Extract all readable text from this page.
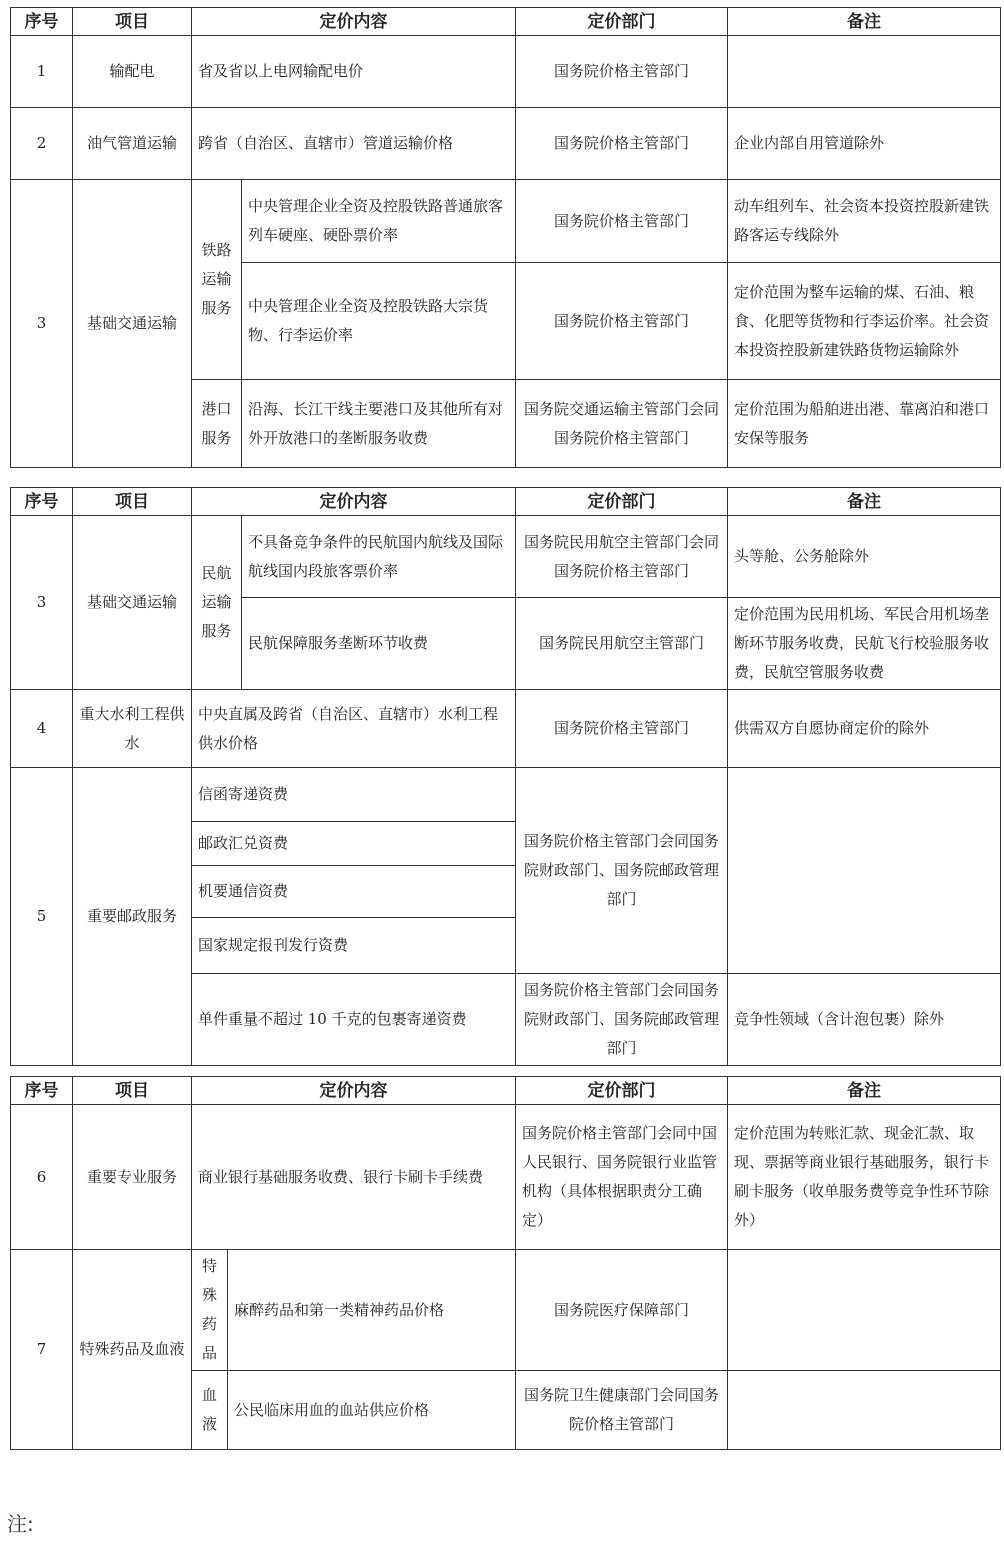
序号	项目	定价内容		定价部门	备注
1	输配电	省及省以上电网输配电价		国务院价格主管部门	
2	油气管道运输	跨省（自治区、直辖市）管道运输价格		国务院价格主管部门	企业内部自用管道除外
3	基础交通运输	铁路运输服务	中央管理企业全资及控股铁路普通旅客列车硬座、硬卧票价率	国务院价格主管部门	动车组列车、社会资本投资控股新建铁路客运专线除外
			中央管理企业全资及控股铁路大宗货物、行李运价率	国务院价格主管部门	定价范围为整车运输的煤、石油、粮食、化肥等货物和行李运价率。社会资本投资控股新建铁路货物运输除外
		港口服务	沿海、长江干线主要港口及其他所有对外开放港口的垄断服务收费	国务院交通运输主管部门会同国务院价格主管部门	定价范围为船舶进出港、靠离泊和港口安保等服务
序号	项目	定价内容		定价部门	备注
3	基础交通运输	民航运输服务	不具备竞争条件的民航国内航线及国际航线国内段旅客票价率	国务院民用航空主管部门会同国务院价格主管部门	头等舱、公务舱除外
			民航保障服务垄断环节收费	国务院民用航空主管部门	定价范围为民用机场、军民合用机场垄断环节服务收费，民航飞行校验服务收费，民航空管服务收费
4	重大水利工程供水	中央直属及跨省（自治区、直辖市）水利工程供水价格		国务院价格主管部门	供需双方自愿协商定价的除外
5	重要邮政服务	信函寄递资费		国务院价格主管部门会同国务院财政部门、国务院邮政管理部门	
		邮政汇兑资费			
		机要通信资费			
		国家规定报刊发行资费			
		单件重量不超过 10 千克的包裹寄递资费		国务院价格主管部门会同国务院财政部门、国务院邮政管理部门	竞争性领域（含计泡包裹）除外
序号	项目	定价内容		定价部门	备注
6	重要专业服务	商业银行基础服务收费、银行卡刷卡手续费		国务院价格主管部门会同中国人民银行、国务院银行业监管机构（具体根据职责分工确定）	定价范围为转账汇款、现金汇款、取现、票据等商业银行基础服务，银行卡刷卡服务（收单服务费等竞争性环节除外）
7	特殊药品及血液	特殊药品	麻醉药品和第一类精神药品价格	国务院医疗保障部门	
		血液	公民临床用血的血站供应价格	国务院卫生健康部门会同国务院价格主管部门	
注:
